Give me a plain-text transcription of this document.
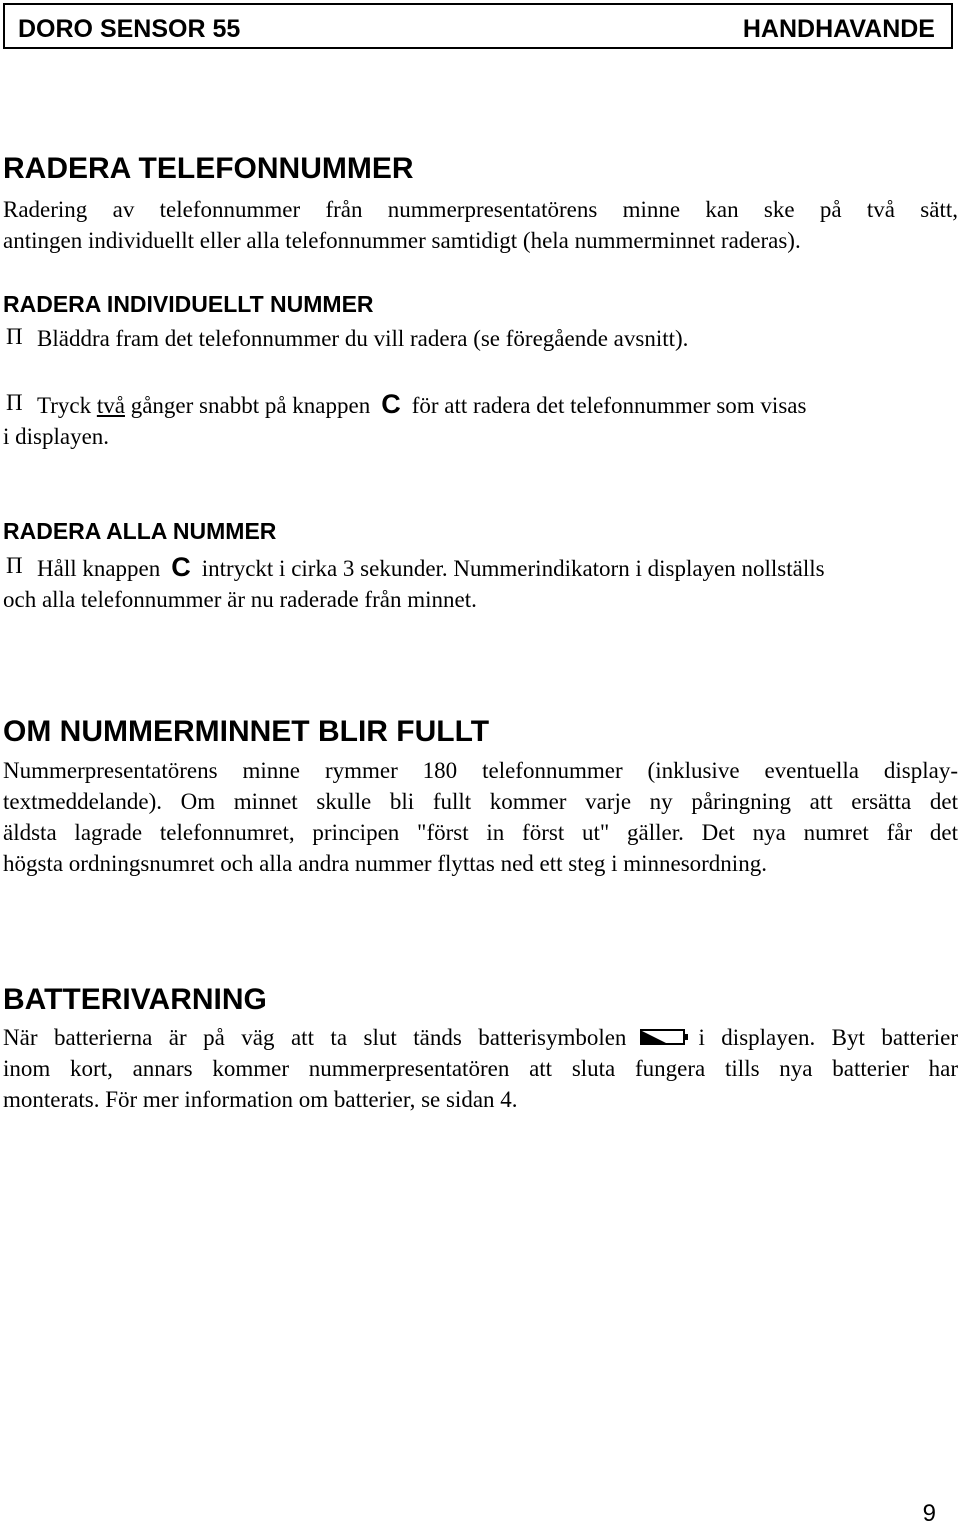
DORO SENSOR 55	HANDHAVANDE
RADERA TELEFONNUMMER
Radering av telefonnummer från nummerpresentatörens minne kan ske på två sätt,
antingen individuellt eller alla telefonnummer samtidigt (hela nummerminnet raderas).
RADERA INDIVIDUELLT NUMMER
Π Bläddra fram det telefonnummer du vill radera (se föregående avsnitt).
Π Tryck två gånger snabbt på knappen C för att radera det telefonnummer som visas
i displayen.
RADERA ALLA NUMMER
Π Håll knappen C intryckt i cirka 3 sekunder. Nummerindikatorn i displayen nollställs
och alla telefonnummer är nu raderade från minnet.
OM NUMMERMINNET BLIR FULLT
Nummerpresentatörens minne rymmer 180 telefonnummer (inklusive eventuella display-
textmeddelande). Om minnet skulle bli fullt kommer varje ny påringning att ersätta det
äldsta lagrade telefonnumret, principen "först in först ut" gäller. Det nya numret får det
högsta ordningsnumret och alla andra nummer flyttas ned ett steg i minnesordning.
BATTERIVARNING
När batterierna är på väg att ta slut tänds batterisymbolen	i displayen. Byt batterier
inom kort, annars kommer nummerpresentatören att sluta fungera tills nya batterier har
monterats. För mer information om batterier, se sidan 4.
9
